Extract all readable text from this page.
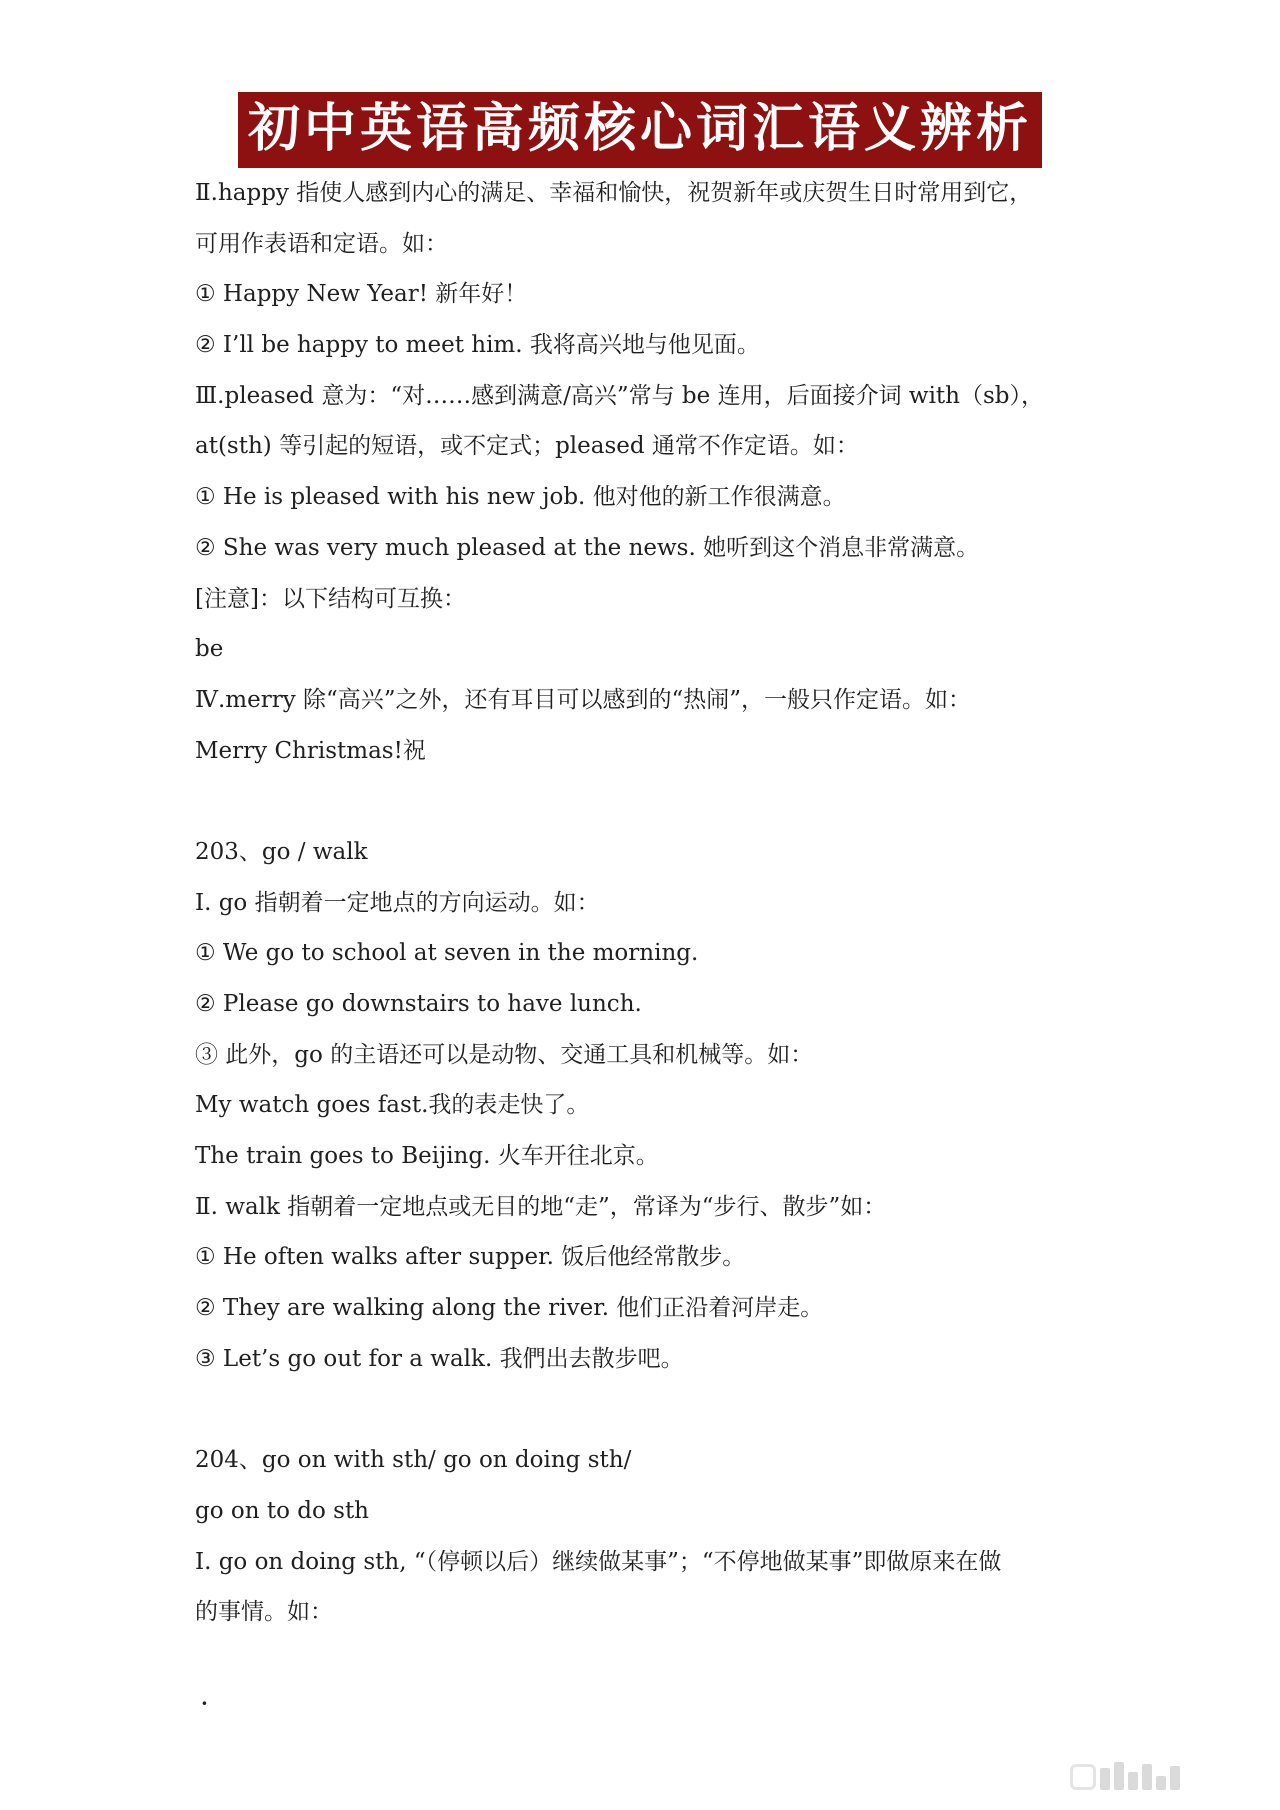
初中英语高频核心词汇语义辨析
Ⅱ.happy 指使人感到内心的满足、幸福和愉快，祝贺新年或庆贺生日时常用到它，
可用作表语和定语。如：
① Happy New Year! 新年好！
② I’ll be happy to meet him. 我将高兴地与他见面。
Ⅲ.pleased 意为：“对……感到满意/高兴”常与 be 连用，后面接介词 with（sb），
at(sth) 等引起的短语，或不定式；pleased 通常不作定语。如：
① He is pleased with his new job. 他对他的新工作很满意。
② She was very much pleased at the news. 她听到这个消息非常满意。
[注意]：以下结构可互换：
be
Ⅳ.merry 除“高兴”之外，还有耳目可以感到的“热闹”，一般只作定语。如：
Merry Christmas!祝
203、go / walk
Ⅰ. go 指朝着一定地点的方向运动。如：
① We go to school at seven in the morning.
② Please go downstairs to have lunch.
③ 此外，go 的主语还可以是动物、交通工具和机械等。如：
My watch goes fast.我的表走快了。
The train goes to Beijing. 火车开往北京。
Ⅱ. walk 指朝着一定地点或无目的地“走”，常译为“步行、散步”如：
① He often walks after supper. 饭后他经常散步。
② They are walking along the river. 他们正沿着河岸走。
③ Let’s go out for a walk. 我們出去散步吧。
204、go on with sth/ go on doing sth/
go on to do sth
Ⅰ. go on doing sth, “（停顿以后）继续做某事”；“不停地做某事”即做原来在做
的事情。如：
·
